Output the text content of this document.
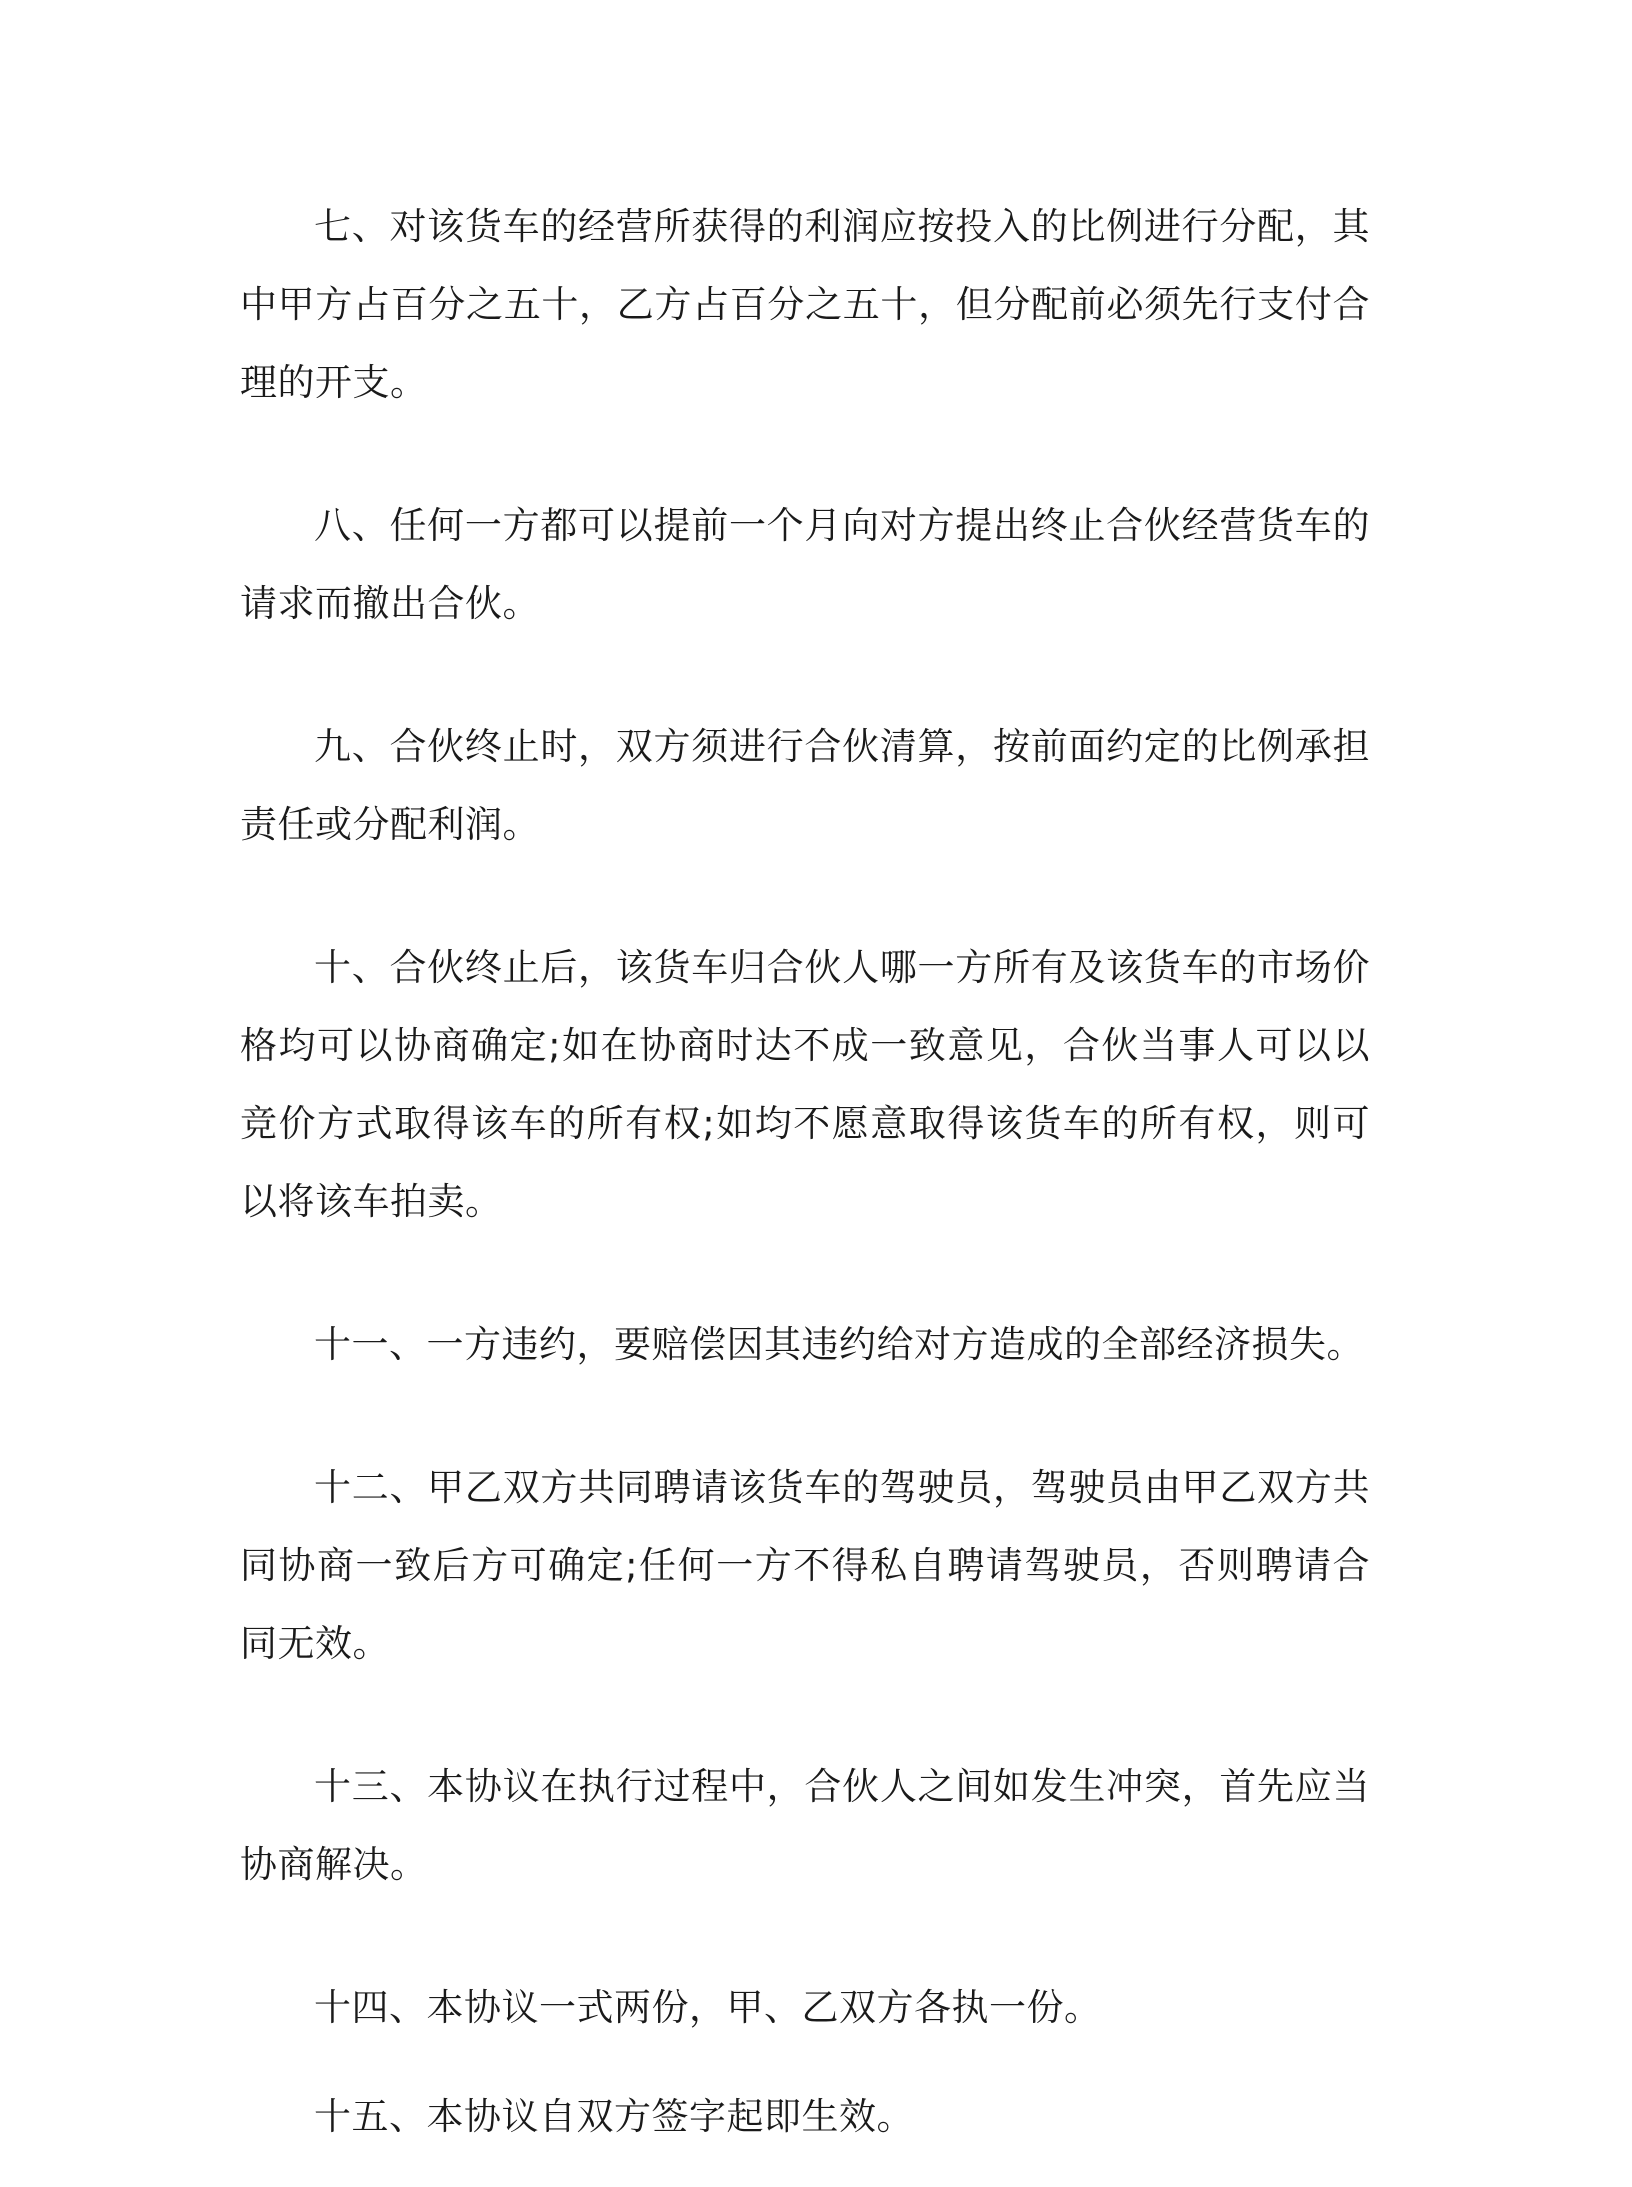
七、对该货车的经营所获得的利润应按投入的比例进行分配，其中甲方占百分之五十，乙方占百分之五十，但分配前必须先行支付合理的开支。

八、任何一方都可以提前一个月向对方提出终止合伙经营货车的请求而撤出合伙。

九、合伙终止时，双方须进行合伙清算，按前面约定的比例承担责任或分配利润。

十、合伙终止后，该货车归合伙人哪一方所有及该货车的市场价格均可以协商确定;如在协商时达不成一致意见，合伙当事人可以以竞价方式取得该车的所有权;如均不愿意取得该货车的所有权，则可以将该车拍卖。

十一、一方违约，要赔偿因其违约给对方造成的全部经济损失。

十二、甲乙双方共同聘请该货车的驾驶员，驾驶员由甲乙双方共同协商一致后方可确定;任何一方不得私自聘请驾驶员，否则聘请合同无效。

十三、本协议在执行过程中，合伙人之间如发生冲突，首先应当协商解决。

十四、本协议一式两份，甲、乙双方各执一份。

十五、本协议自双方签字起即生效。
